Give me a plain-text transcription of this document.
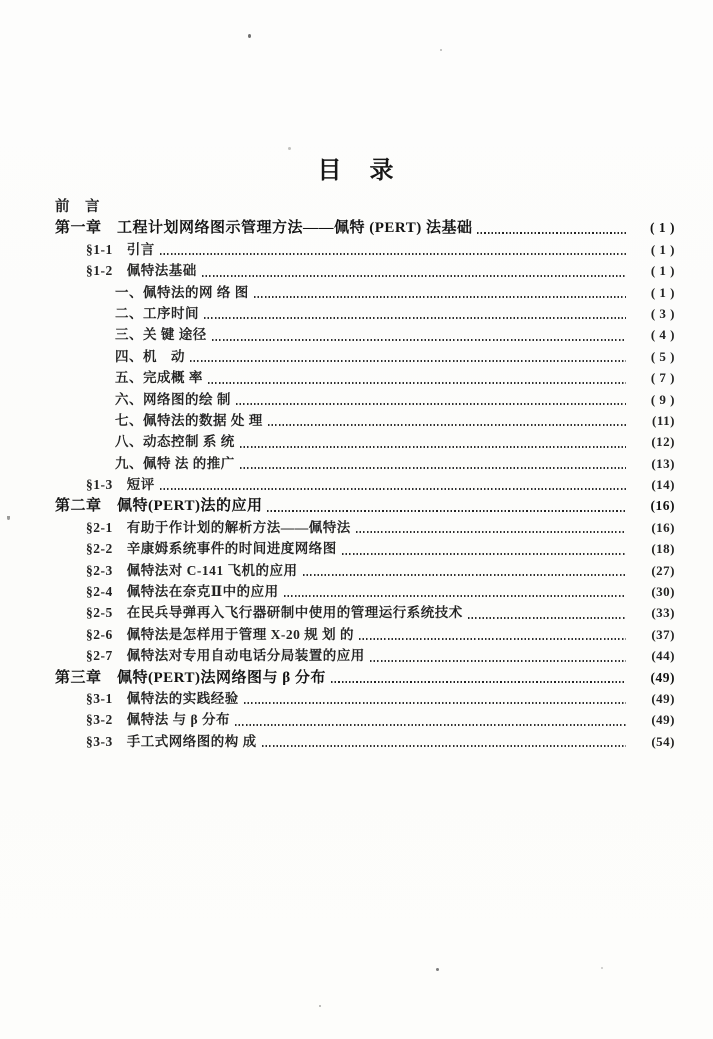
目　录
前　言
第一章　工程计划网络图示管理方法——佩特 (PERT) 法基础	( 1 )
§1-1　引言	( 1 )
§1-2　佩特法基础	( 1 )
一、佩特法的网 络 图	( 1 )
二、工序时间	( 3 )
三、关 键 途径	( 4 )
四、机　动	( 5 )
五、完成概 率	( 7 )
六、网络图的绘 制	( 9 )
七、佩特法的数据 处 理	(11)
八、动态控制 系 统	(12)
九、佩特 法 的推广	(13)
§1-3　短评	(14)
第二章　佩特(PERT)法的应用	(16)
§2-1　有助于作计划的解析方法——佩特法	(16)
§2-2　辛康姆系统事件的时间进度网络图	(18)
§2-3　佩特法对 C-141 飞机的应用	(27)
§2-4　佩特法在奈克Ⅱ中的应用	(30)
§2-5　在民兵导弹再入飞行器研制中使用的管理运行系统技术	(33)
§2-6　佩特法是怎样用于管理 X-20 规 划 的	(37)
§2-7　佩特法对专用自动电话分局装置的应用	(44)
第三章　佩特(PERT)法网络图与 β 分布	(49)
§3-1　佩特法的实践经验	(49)
§3-2　佩特法 与 β 分布	(49)
§3-3　手工式网络图的构 成	(54)
